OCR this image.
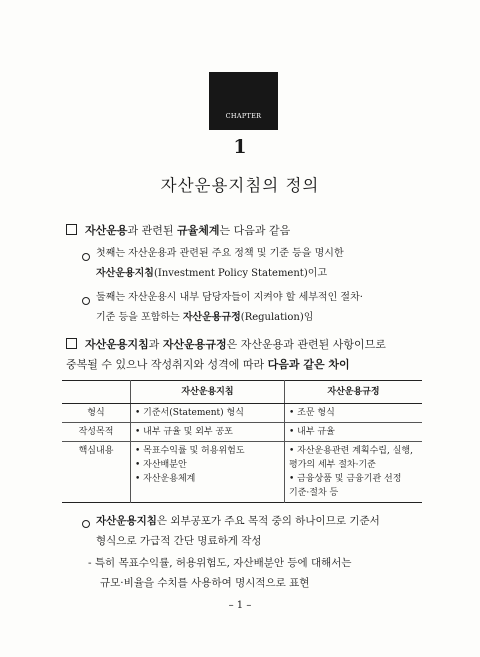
CHAPTER
1
자산운용지침의 정의
자산운용과 관련된 규율체계는 다음과 같음
첫째는 자산운용과 관련된 주요 정책 및 기준 등을 명시한
자산운용지침(Investment Policy Statement)이고
둘째는 자산운용시 내부 담당자들이 지켜야 할 세부적인 절차·
기준 등을 포함하는 자산운용규정(Regulation)임
자산운용지침과 자산운용규정은 자산운용과 관련된 사항이므로
중복될 수 있으나 작성취지와 성격에 따라 다음과 같은 차이
	자산운용지침	자산운용규정
형식	• 기준서(Statement) 형식	• 조문 형식

작성목적	• 내부 규율 및 외부 공포	• 내부 규율

핵심내용	• 목표수익률 및 허용위험도
• 자산배분안
• 자산운용체계	• 자산운용관련 계획수립, 실행,
평가의 세부 절차·기준
• 금융상품 및 금융기관 선정
기준·절차 등
자산운용지침은 외부공포가 주요 목적 중의 하나이므로 기준서
형식으로 가급적 간단 명료하게 작성
- 특히 목표수익률, 허용위험도, 자산배분안 등에 대해서는
규모·비율을 수치를 사용하여 명시적으로 표현
– 1 –
